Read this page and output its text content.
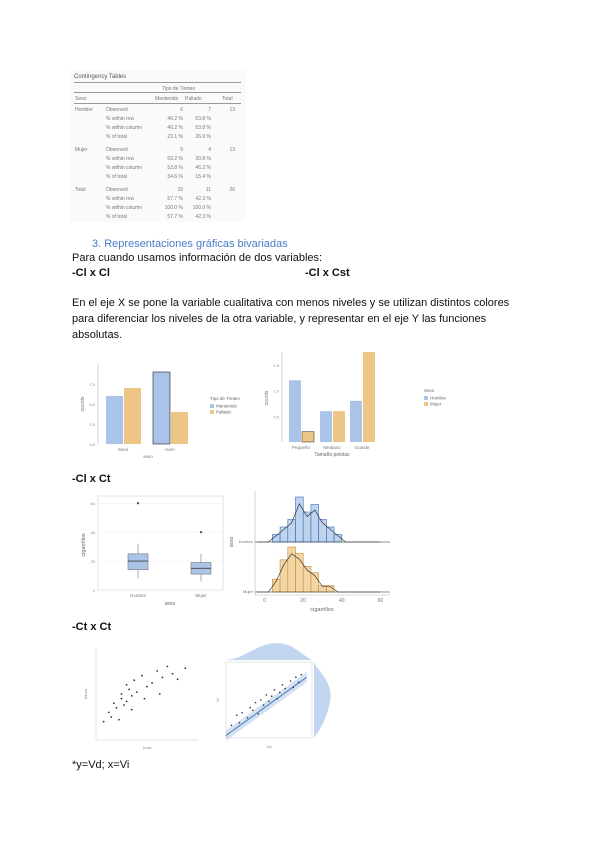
Contingency Tables
Tipo de Tiroteo
Sexo	Mantenido Paliado	Total
Hombre	Observed	6	7	13
% within row	46.2 % 53.8 %
% within column	46.2 % 53.8 %
% of total	23.1 % 26.9 %
Mujer	Observed	9	4	13
% within row	69.2 % 30.8 %
% within column	53.8 % 46.2 %
% of total	34.6 % 15.4 %
Total	Observed	15	11	26
% within row	57.7 % 42.3 %
% within column	100.0 % 100.0 %
% of total	57.7 % 42.3 %
3. Representaciones gráficas bivariadas
Para cuando usamos información de dos variables:
-Cl x Cl	-Cl x Cst
En el eje X se pone la variable cualitativa con menos niveles y se utilizan distintos colores para diferenciar los niveles de la otra variable, y representar en el eje Y las funciones absolutas.
0.0
2.5
5.0
7.5
counts
Sexo	Hom
sexo
Tipo de Tiroteo
Mantenido
Paliado
0.5
1.0
1.5
counts
Pequeño	Mediano	Grande
Tamaño pelotas
Sexo
Hombre
Mujer
-Cl x Ct
0
20
40
60
cigarrillos
Hombre	Mujer
sexo
sexo Hombre
Mujer
0	20	40	60
cigarrillos
-Ct x Ct
Altura
Dura
Vi
Vd
*y=Vd; x=Vi
